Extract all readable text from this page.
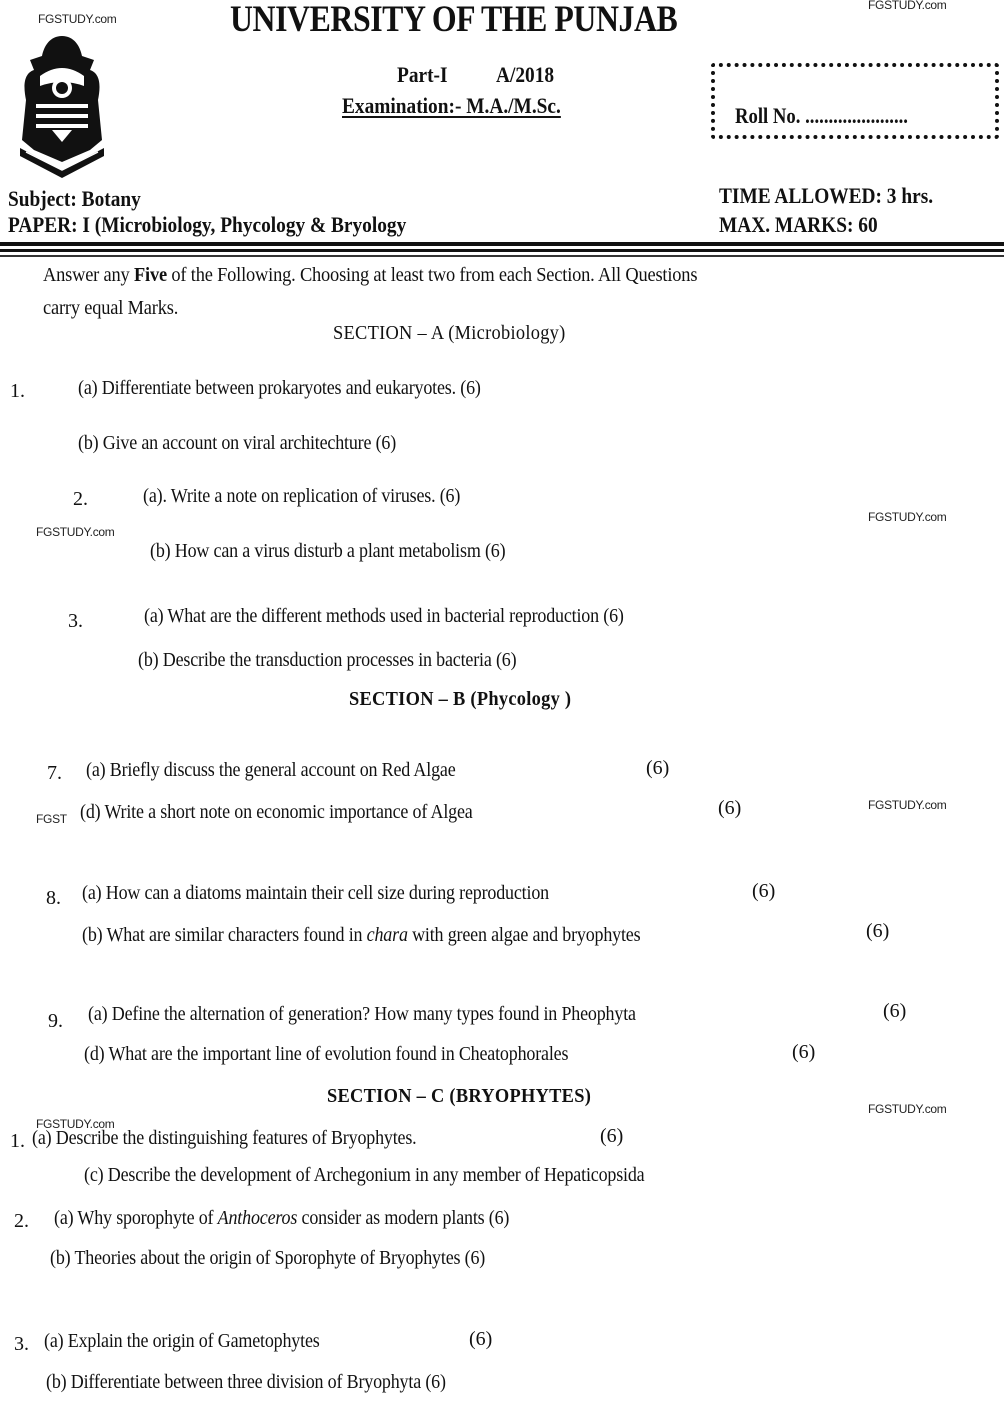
FGSTUDY.com
FGSTUDY.com
FGSTUDY.com
FGSTUDY.com
FGST
FGSTUDY.com
FGSTUDY.com
FGSTUDY.com
UNIVERSITY OF THE PUNJAB
Part-I A/2018
Examination:- M.A./M.Sc.	Roll No. ......................
Subject: Botany
PAPER: I (Microbiology, Phycology & Bryology
TIME ALLOWED: 3 hrs.
MAX. MARKS: 60
Answer any Five of the Following. Choosing at least two from each Section. All Questions
carry equal Marks.
SECTION – A (Microbiology)
1.	(a) Differentiate between prokaryotes and eukaryotes. (6)
(b) Give an account on viral architechture (6)
2.	(a). Write a note on replication of viruses. (6)
(b) How can a virus disturb a plant metabolism (6)
3.	(a) What are the different methods used in bacterial reproduction (6)
(b) Describe the transduction processes in bacteria (6)
SECTION – B (Phycology )
7. (a) Briefly discuss the general account on Red Algae	(6)
(d) Write a short note on economic importance of Algea	(6)
8. (a) How can a diatoms maintain their cell size during reproduction	(6)
(b) What are similar characters found in chara with green algae and bryophytes	(6)
9. (a) Define the alternation of generation? How many types found in Pheophyta	(6)
(d) What are the important line of evolution found in Cheatophorales	(6)
SECTION – C (BRYOPHYTES)
1. (a) Describe the distinguishing features of Bryophytes.	(6)
(c) Describe the development of Archegonium in any member of Hepaticopsida
2. (a) Why sporophyte of Anthoceros consider as modern plants (6)
(b) Theories about the origin of Sporophyte of Bryophytes (6)
3. (a) Explain the origin of Gametophytes	(6)
(b) Differentiate between three division of Bryophyta (6)
